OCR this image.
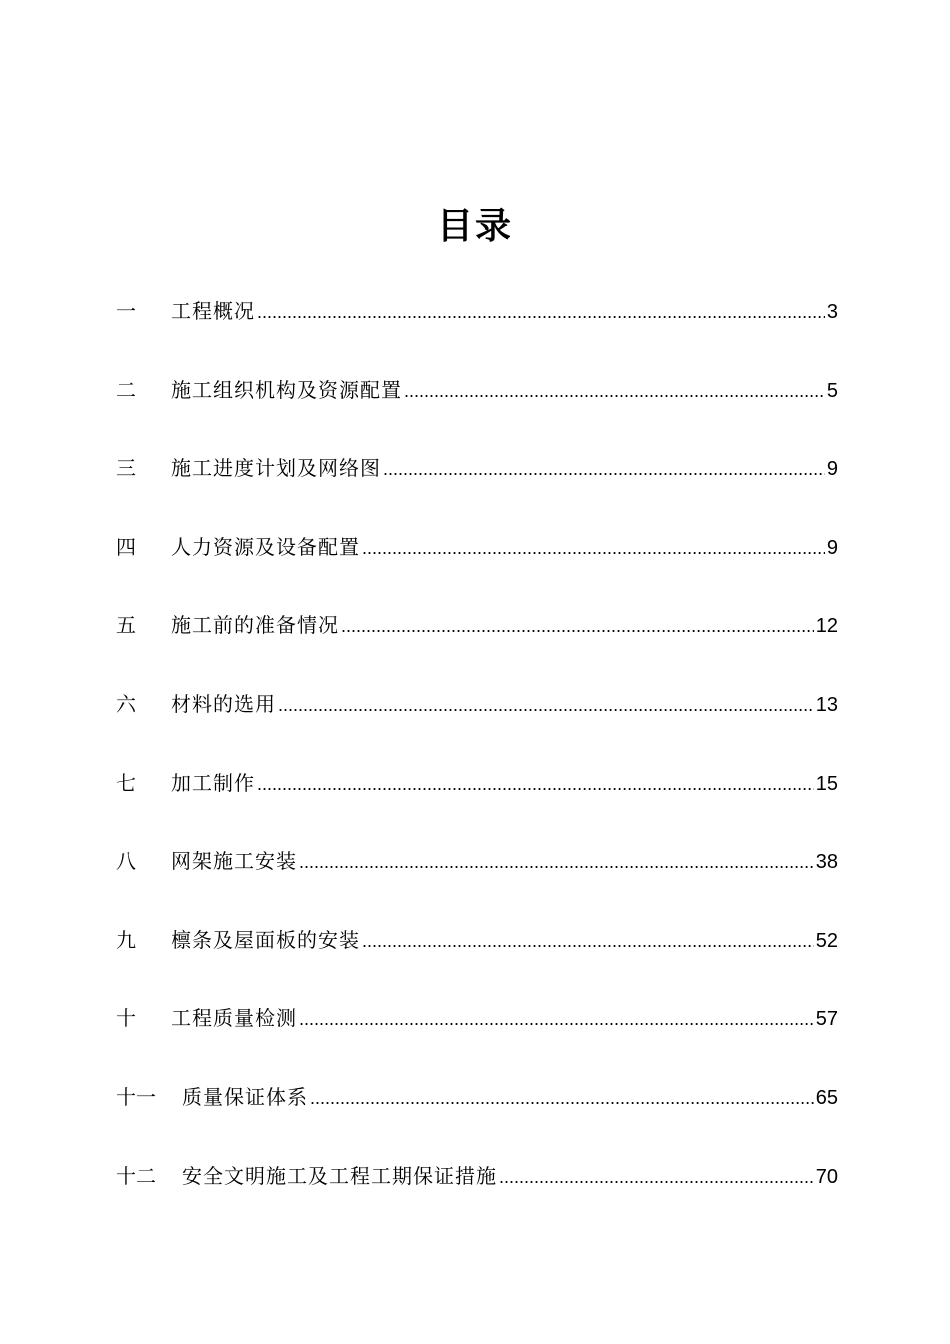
目录
一	工程概况 .....	3
二	施工组织机构及资源配置 .....	5
三	施工进度计划及网络图 .....	9
四	人力资源及设备配置 .....	9
五	施工前的准备情况 .....	12
六	材料的选用 .....	13
七	加工制作 .....	15
八	网架施工安装 .....	38
九	檩条及屋面板的安装 .....	52
十	工程质量检测 .....	57
十一	质量保证体系 .....	65
十二	安全文明施工及工程工期保证措施 .....	70
